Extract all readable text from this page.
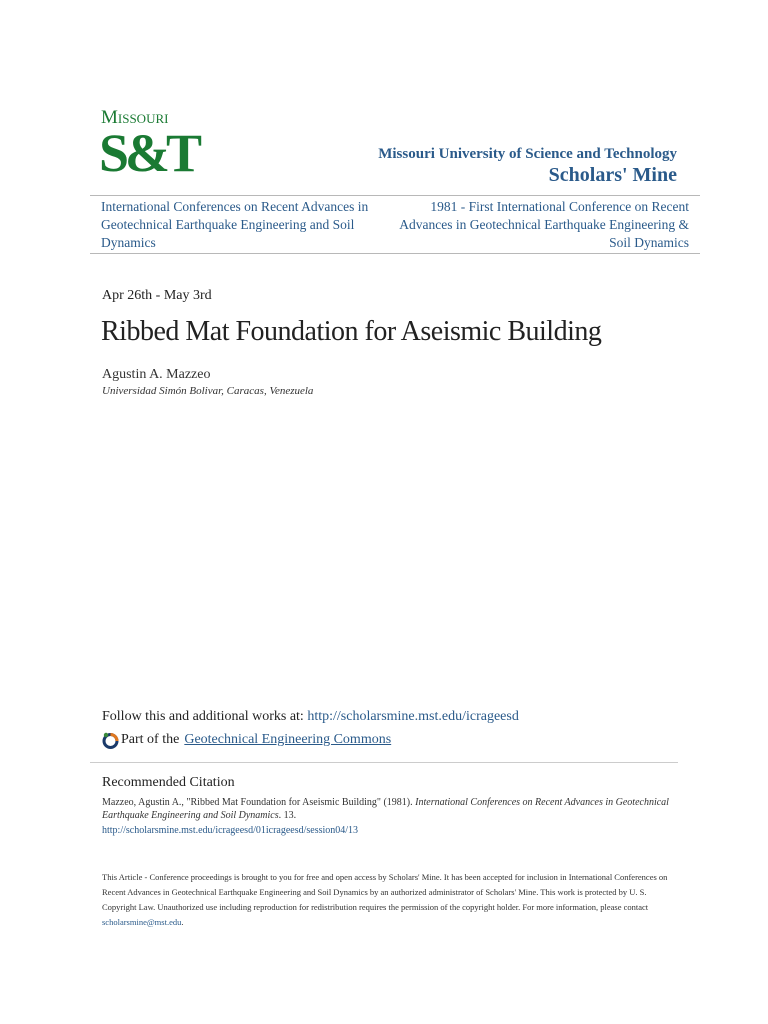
Missouri
S&T	Missouri University of Science and Technology
Scholars' Mine
International Conferences on Recent Advances in Geotechnical Earthquake Engineering and Soil Dynamics
1981 - First International Conference on Recent Advances in Geotechnical Earthquake Engineering & Soil Dynamics
Apr 26th - May 3rd
Ribbed Mat Foundation for Aseismic Building
Agustin A. Mazzeo
Universidad Simón Bolivar, Caracas, Venezuela
Follow this and additional works at: http://scholarsmine.mst.edu/icrageesd
Part of the Geotechnical Engineering Commons
Recommended Citation
Mazzeo, Agustin A., "Ribbed Mat Foundation for Aseismic Building" (1981). International Conferences on Recent Advances in Geotechnical Earthquake Engineering and Soil Dynamics. 13.
http://scholarsmine.mst.edu/icrageesd/01icrageesd/session04/13
This Article - Conference proceedings is brought to you for free and open access by Scholars' Mine. It has been accepted for inclusion in International Conferences on Recent Advances in Geotechnical Earthquake Engineering and Soil Dynamics by an authorized administrator of Scholars' Mine. This work is protected by U. S. Copyright Law. Unauthorized use including reproduction for redistribution requires the permission of the copyright holder. For more information, please contact scholarsmine@mst.edu.
